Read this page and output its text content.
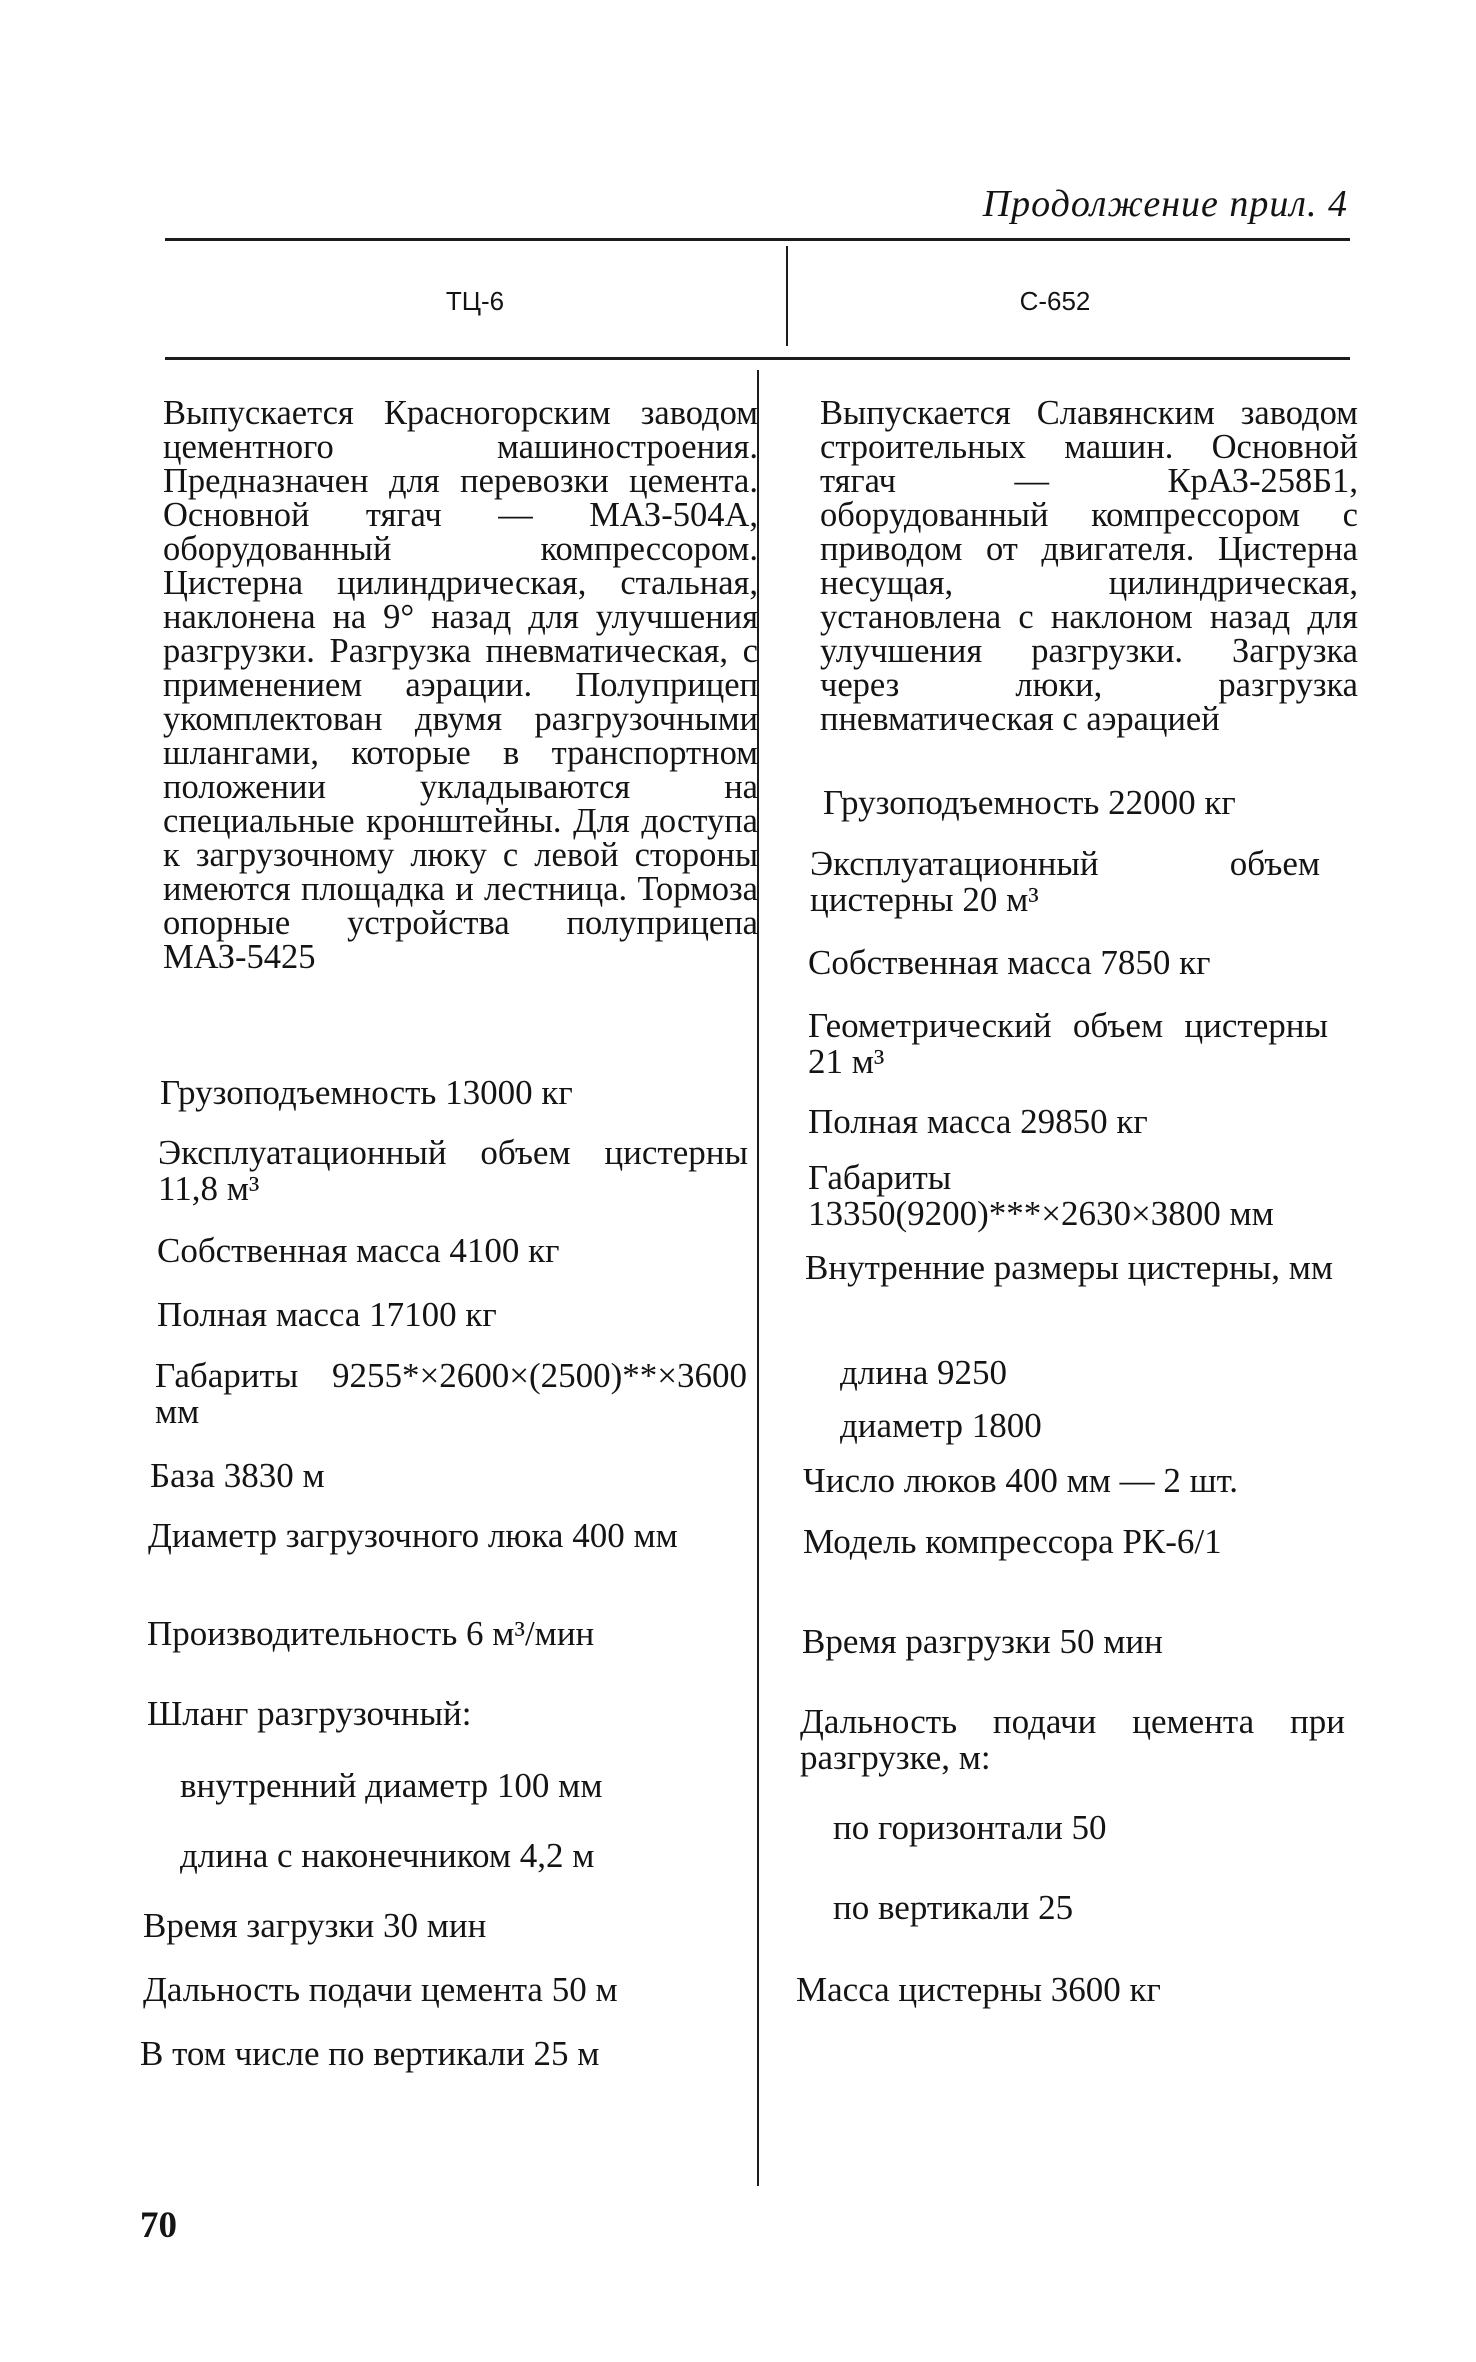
Продолжение прил. 4
ТЦ-6	С-652
Выпускается Красногорским заводом цементного машиностроения. Предназначен для перевозки цемента. Основной тягач — МАЗ-504А, оборудованный компрессором. Цистерна цилиндрическая, стальная, наклонена на 9° назад для улучшения разгрузки. Разгрузка пневматическая, с применением аэрации. Полуприцеп укомплектован двумя разгрузочными шлангами, которые в транспортном положении укладываются на специальные кронштейны. Для доступа к загрузочному люку с левой стороны имеются площадка и лестница. Тормоза опорные устройства полуприцепа МАЗ-5425
Грузоподъемность 13000 кг
Эксплуатационный объем цистерны 11,8 м³
Собственная масса 4100 кг
Полная масса 17100 кг
Габариты 9255*×2600×(2500)**×3600 мм
База 3830 м
Диаметр загрузочного люка 400 мм
Производительность 6 м³/мин
Шланг разгрузочный:
внутренний диаметр 100 мм
длина с наконечником 4,2 м
Время загрузки 30 мин
Дальность подачи цемента 50 м
В том числе по вертикали 25 м
Выпускается Славянским заводом строительных машин. Основной тягач — КрАЗ-258Б1, оборудованный компрессором с приводом от двигателя. Цистерна несущая, цилиндрическая, установлена с наклоном назад для улучшения разгрузки. Загрузка через люки, разгрузка пневматическая с аэрацией
Грузоподъемность 22000 кг
Эксплуатационный объем цистерны 20 м³
Собственная масса 7850 кг
Геометрический объем цистерны 21 м³
Полная масса 29850 кг
Габариты 13350(9200)***×2630×3800 мм
Внутренние размеры цистерны, мм
длина 9250
диаметр 1800
Число люков 400 мм — 2 шт.
Модель компрессора РК-6/1
Время разгрузки 50 мин
Дальность подачи цемента при разгрузке, м:
по горизонтали 50
по вертикали 25
Масса цистерны 3600 кг
70
